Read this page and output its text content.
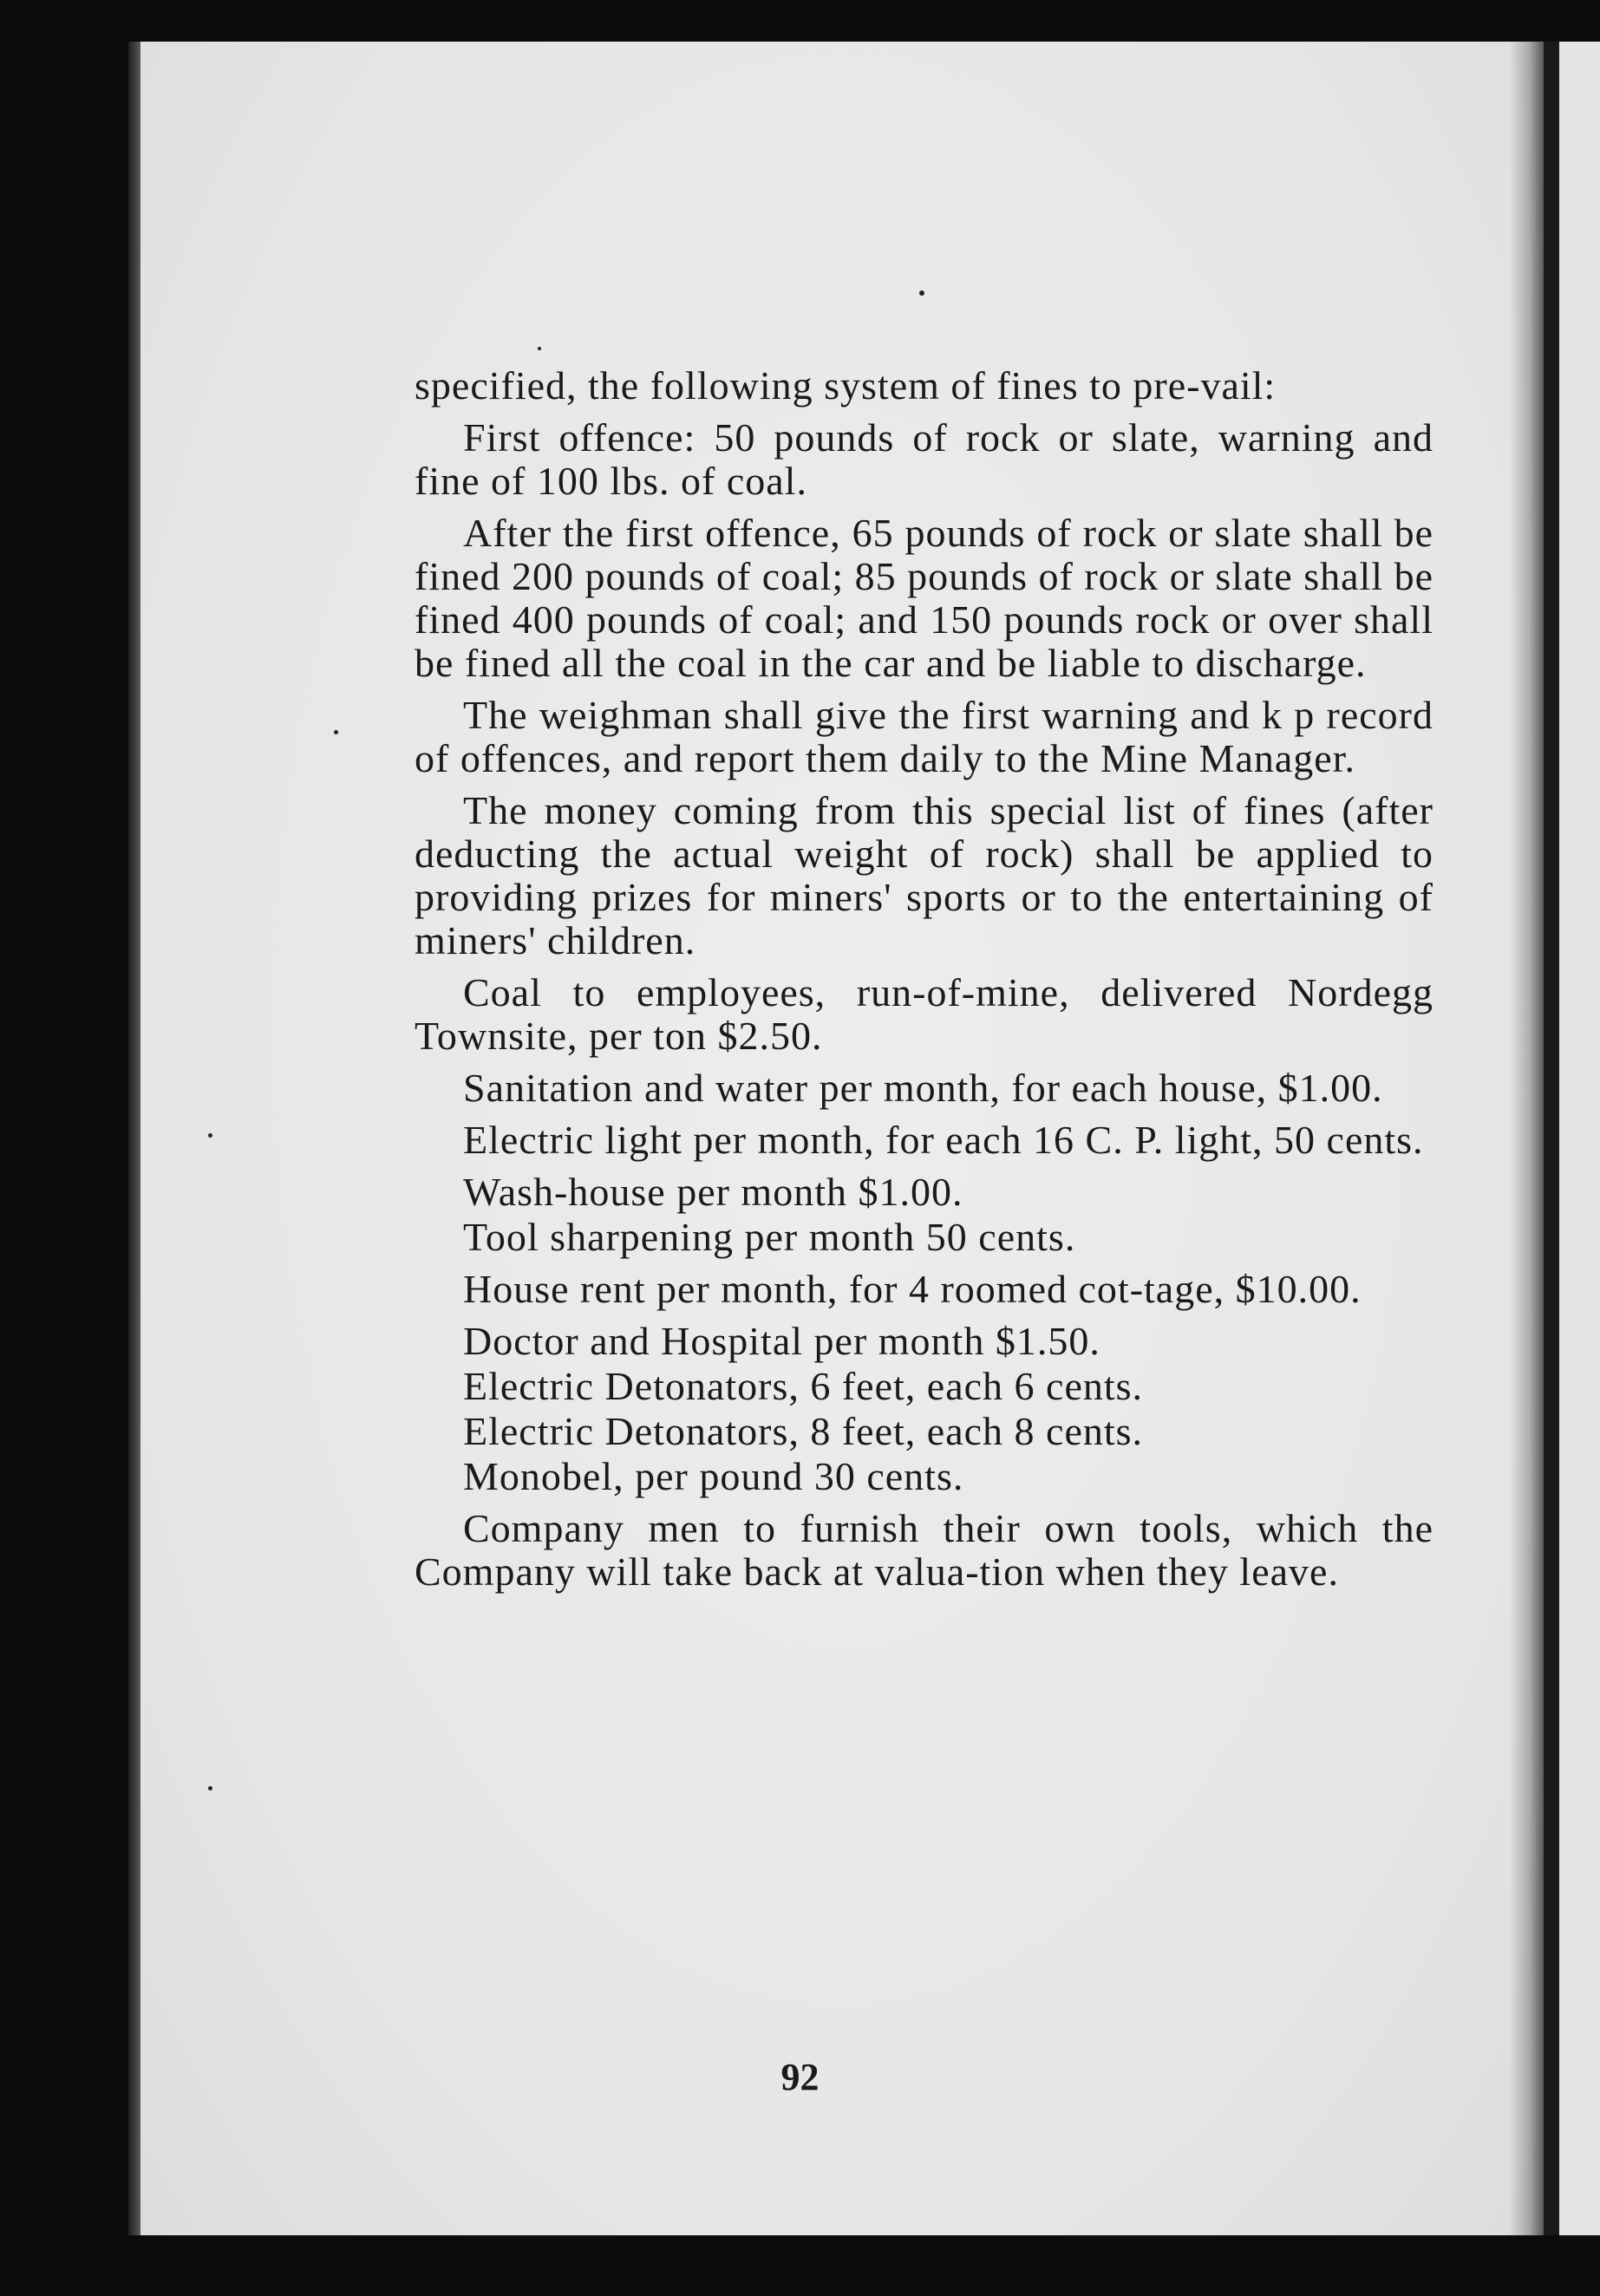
specified, the following system of fines to pre-vail:

First offence: 50 pounds of rock or slate, warning and fine of 100 lbs. of coal.

After the first offence, 65 pounds of rock or slate shall be fined 200 pounds of coal; 85 pounds of rock or slate shall be fined 400 pounds of coal; and 150 pounds rock or over shall be fined all the coal in the car and be liable to discharge.

The weighman shall give the first warning and k p record of offences, and report them daily to the Mine Manager.

The money coming from this special list of fines (after deducting the actual weight of rock) shall be applied to providing prizes for miners' sports or to the entertaining of miners' children.

Coal to employees, run-of-mine, delivered Nordegg Townsite, per ton $2.50.

Sanitation and water per month, for each house, $1.00.

Electric light per month, for each 16 C. P. light, 50 cents.

Wash-house per month $1.00.

Tool sharpening per month 50 cents.

House rent per month, for 4 roomed cot-tage, $10.00.

Doctor and Hospital per month $1.50.

Electric Detonators, 6 feet, each 6 cents.

Electric Detonators, 8 feet, each 8 cents.

Monobel, per pound 30 cents.

Company men to furnish their own tools, which the Company will take back at valua-tion when they leave.

92
